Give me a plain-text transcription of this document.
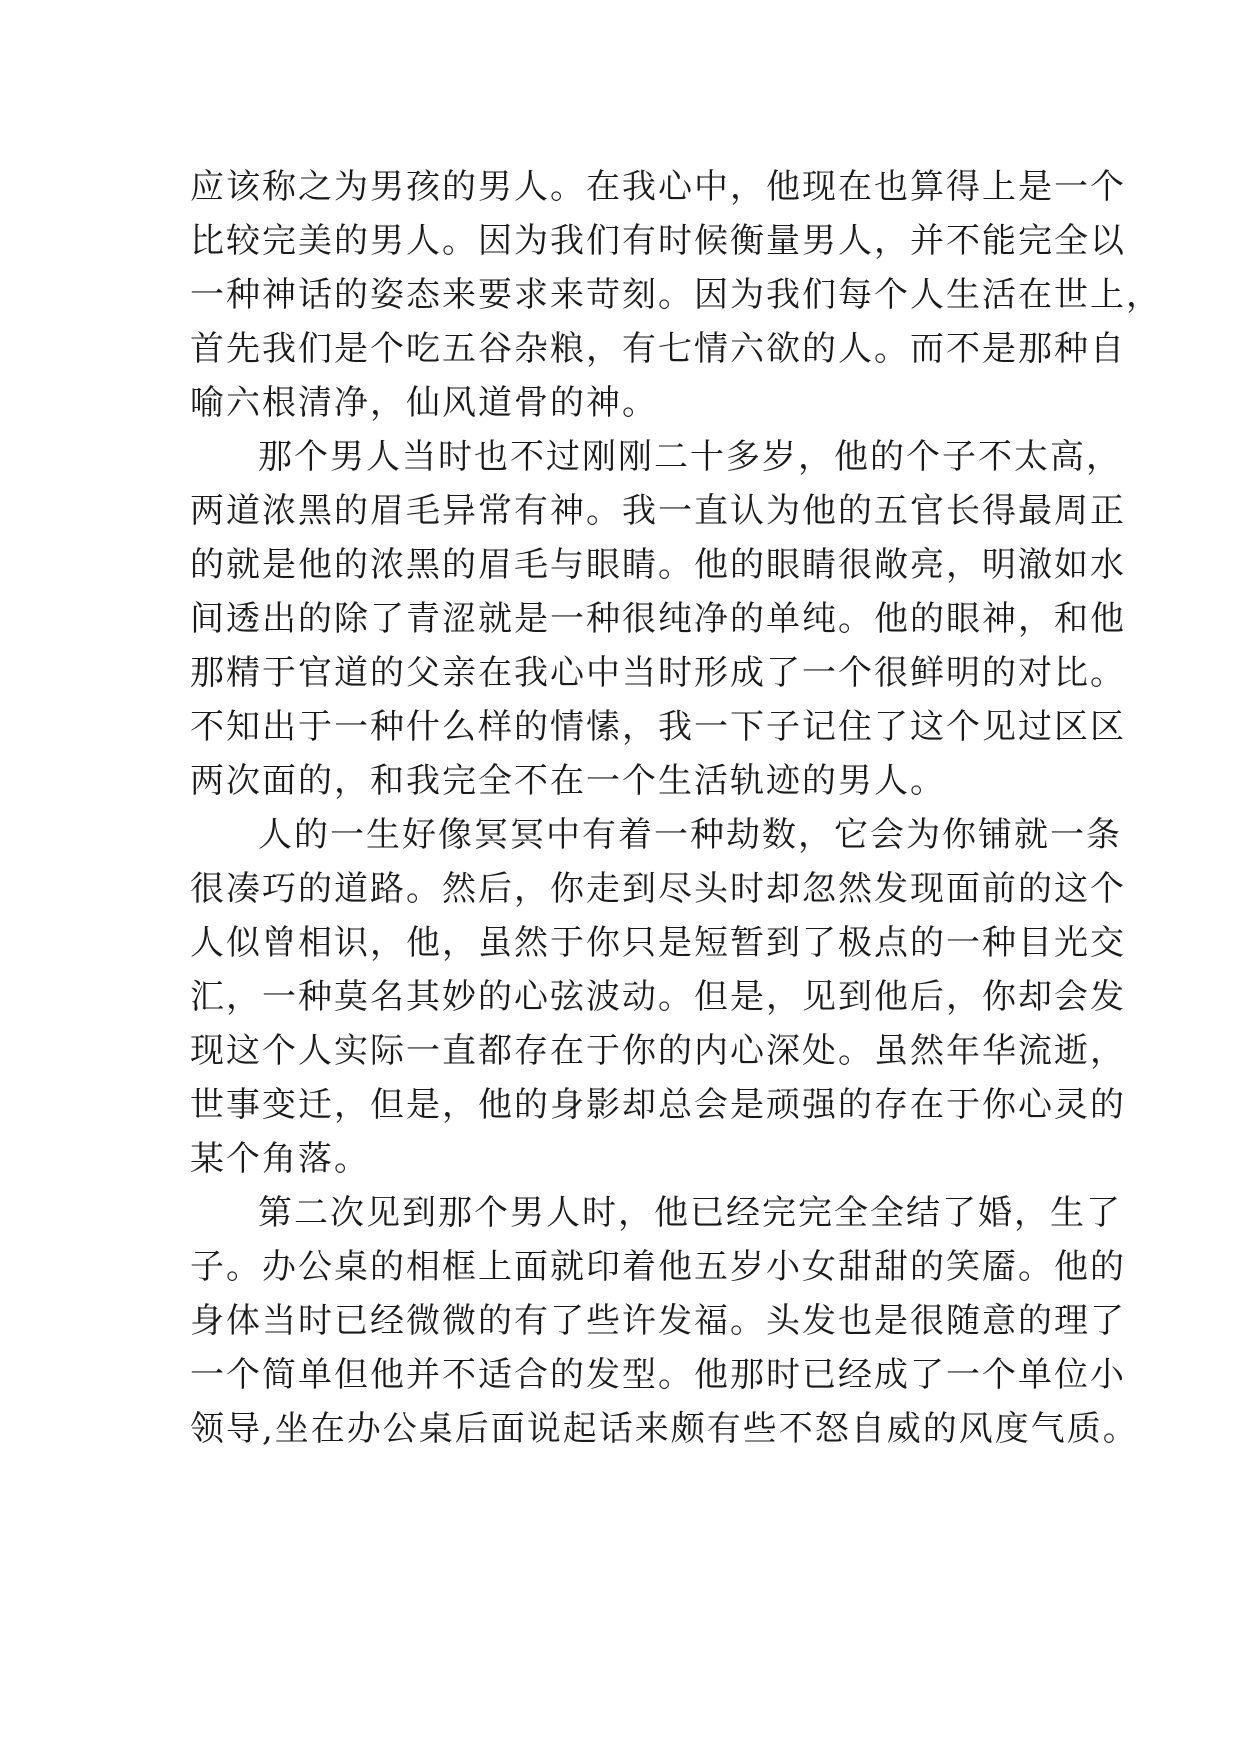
应该称之为男孩的男人。在我心中，他现在也算得上是一个
比较完美的男人。因为我们有时候衡量男人，并不能完全以
一种神话的姿态来要求来苛刻。因为我们每个人生活在世上，
首先我们是个吃五谷杂粮，有七情六欲的人。而不是那种自
喻六根清净，仙风道骨的神。
那个男人当时也不过刚刚二十多岁，他的个子不太高，
两道浓黑的眉毛异常有神。我一直认为他的五官长得最周正
的就是他的浓黑的眉毛与眼睛。他的眼睛很敞亮，明澈如水
间透出的除了青涩就是一种很纯净的单纯。他的眼神，和他
那精于官道的父亲在我心中当时形成了一个很鲜明的对比。
不知出于一种什么样的情愫，我一下子记住了这个见过区区
两次面的，和我完全不在一个生活轨迹的男人。
人的一生好像冥冥中有着一种劫数，它会为你铺就一条
很凑巧的道路。然后，你走到尽头时却忽然发现面前的这个
人似曾相识，他，虽然于你只是短暂到了极点的一种目光交
汇，一种莫名其妙的心弦波动。但是，见到他后，你却会发
现这个人实际一直都存在于你的内心深处。虽然年华流逝，
世事变迁，但是，他的身影却总会是顽强的存在于你心灵的
某个角落。
第二次见到那个男人时，他已经完完全全结了婚，生了
子。办公桌的相框上面就印着他五岁小女甜甜的笑靥。他的
身体当时已经微微的有了些许发福。头发也是很随意的理了
一个简单但他并不适合的发型。他那时已经成了一个单位小
领导,坐在办公桌后面说起话来颇有些不怒自威的风度气质。
